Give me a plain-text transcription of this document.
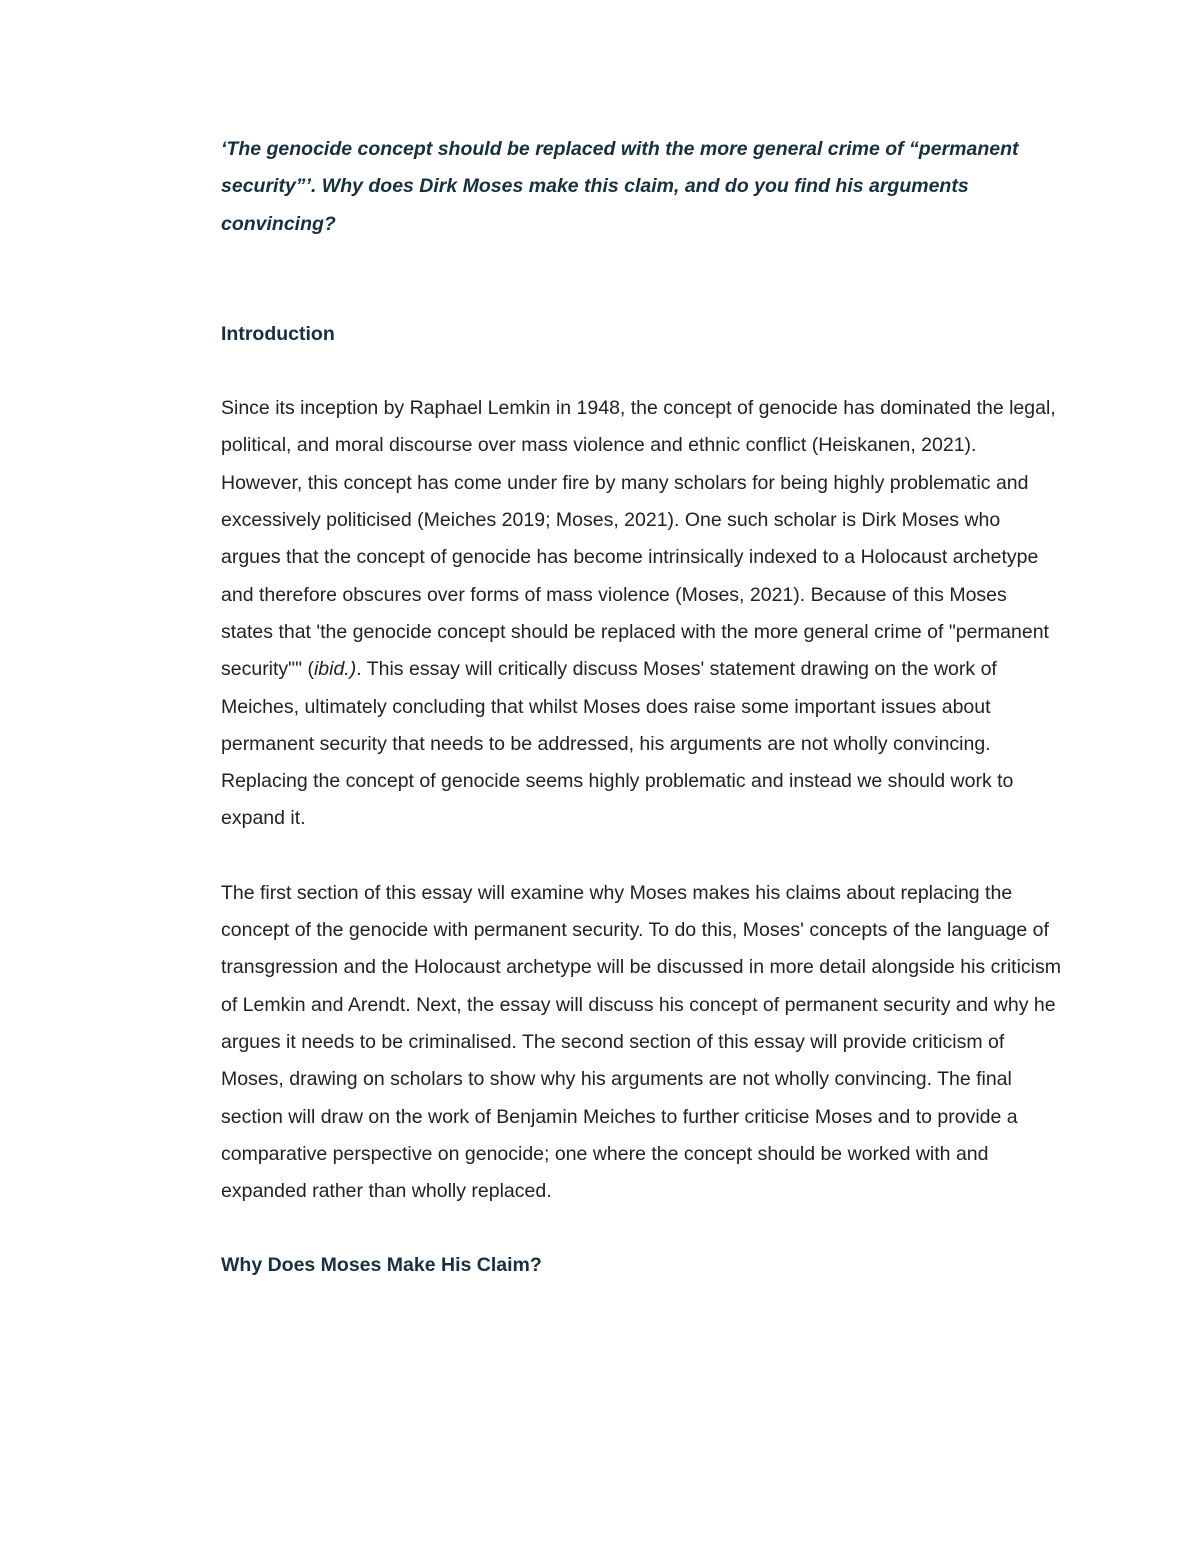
‘The genocide concept should be replaced with the more general crime of “permanent security”’. Why does Dirk Moses make this claim, and do you find his arguments convincing?

Introduction

Since its inception by Raphael Lemkin in 1948, the concept of genocide has dominated the legal, political, and moral discourse over mass violence and ethnic conflict (Heiskanen, 2021). However, this concept has come under fire by many scholars for being highly problematic and excessively politicised (Meiches 2019; Moses, 2021). One such scholar is Dirk Moses who argues that the concept of genocide has become intrinsically indexed to a Holocaust archetype and therefore obscures over forms of mass violence (Moses, 2021). Because of this Moses states that 'the genocide concept should be replaced with the more general crime of "permanent security"" (ibid.). This essay will critically discuss Moses' statement drawing on the work of Meiches, ultimately concluding that whilst Moses does raise some important issues about permanent security that needs to be addressed, his arguments are not wholly convincing. Replacing the concept of genocide seems highly problematic and instead we should work to expand it.

The first section of this essay will examine why Moses makes his claims about replacing the concept of the genocide with permanent security. To do this, Moses' concepts of the language of transgression and the Holocaust archetype will be discussed in more detail alongside his criticism of Lemkin and Arendt. Next, the essay will discuss his concept of permanent security and why he argues it needs to be criminalised. The second section of this essay will provide criticism of Moses, drawing on scholars to show why his arguments are not wholly convincing. The final section will draw on the work of Benjamin Meiches to further criticise Moses and to provide a comparative perspective on genocide; one where the concept should be worked with and expanded rather than wholly replaced.

Why Does Moses Make His Claim?
